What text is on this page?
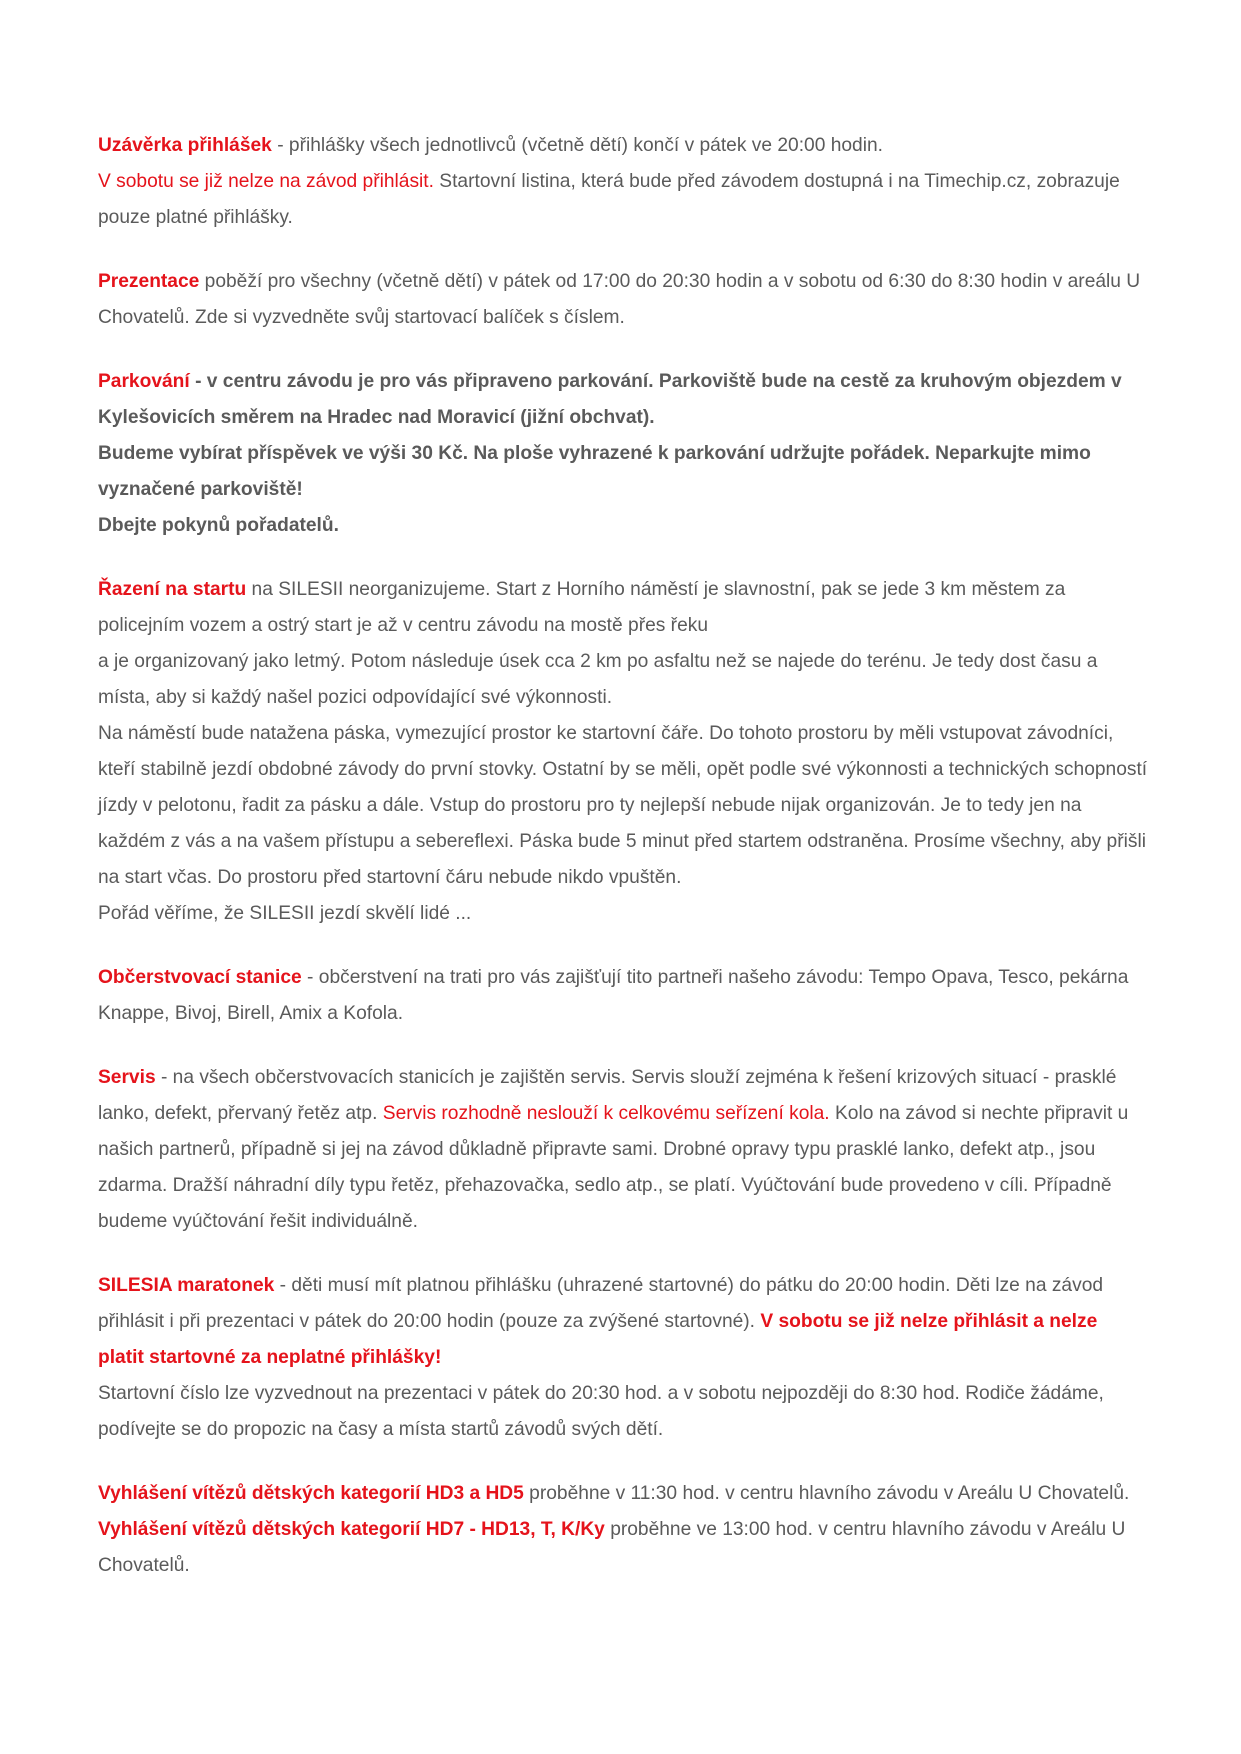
Uzávěrka přihlášek - přihlášky všech jednotlivců (včetně dětí) končí v pátek ve 20:00 hodin.
V sobotu se již nelze na závod přihlásit. Startovní listina, která bude před závodem dostupná i na Timechip.cz, zobrazuje pouze platné přihlášky.

Prezentace poběží pro všechny (včetně dětí) v pátek od 17:00 do 20:30 hodin a v sobotu od 6:30 do 8:30 hodin v areálu U Chovatelů. Zde si vyzvedněte svůj startovací balíček s číslem.

Parkování - v centru závodu je pro vás připraveno parkování. Parkoviště bude na cestě za kruhovým objezdem v Kylešovicích směrem na Hradec nad Moravicí (jižní obchvat).
Budeme vybírat příspěvek ve výši 30 Kč. Na ploše vyhrazené k parkování udržujte pořádek. Neparkujte mimo vyznačené parkoviště!
Dbejte pokynů pořadatelů.

Řazení na startu na SILESII neorganizujeme. Start z Horního náměstí je slavnostní, pak se jede 3 km městem za policejním vozem a ostrý start je až v centru závodu na mostě přes řeku
a je organizovaný jako letmý. Potom následuje úsek cca 2 km po asfaltu než se najede do terénu. Je tedy dost času a místa, aby si každý našel pozici odpovídající své výkonnosti.
Na náměstí bude natažena páska, vymezující prostor ke startovní čáře. Do tohoto prostoru by měli vstupovat závodníci, kteří stabilně jezdí obdobné závody do první stovky. Ostatní by se měli, opět podle své výkonnosti a technických schopností jízdy v pelotonu, řadit za pásku a dále. Vstup do prostoru pro ty nejlepší nebude nijak organizován. Je to tedy jen na každém z vás a na vašem přístupu a sebereflexi. Páska bude 5 minut před startem odstraněna. Prosíme všechny, aby přišli na start včas. Do prostoru před startovní čáru nebude nikdo vpuštěn.
Pořád věříme, že SILESII jezdí skvělí lidé ...

Občerstvovací stanice - občerstvení na trati pro vás zajišťují tito partneři našeho závodu: Tempo Opava, Tesco, pekárna Knappe, Bivoj, Birell, Amix a Kofola.

Servis - na všech občerstvovacích stanicích je zajištěn servis. Servis slouží zejména k řešení krizových situací - prasklé lanko, defekt, přervaný řetěz atp. Servis rozhodně neslouží k celkovému seřízení kola. Kolo na závod si nechte připravit u našich partnerů, případně si jej na závod důkladně připravte sami. Drobné opravy typu prasklé lanko, defekt atp., jsou zdarma. Dražší náhradní díly typu řetěz, přehazovačka, sedlo atp., se platí. Vyúčtování bude provedeno v cíli. Případně budeme vyúčtování řešit individuálně.

SILESIA maratonek - děti musí mít platnou přihlášku (uhrazené startovné) do pátku do 20:00 hodin. Děti lze na závod přihlásit i při prezentaci v pátek do 20:00 hodin (pouze za zvýšené startovné). V sobotu se již nelze přihlásit a nelze platit startovné za neplatné přihlášky!
Startovní číslo lze vyzvednout na prezentaci v pátek do 20:30 hod. a v sobotu nejpozději do 8:30 hod. Rodiče žádáme, podívejte se do propozic na časy a místa startů závodů svých dětí.

Vyhlášení vítězů dětských kategorií HD3 a HD5 proběhne v 11:30 hod. v centru hlavního závodu v Areálu U Chovatelů.
Vyhlášení vítězů dětských kategorií HD7 - HD13, T, K/Ky proběhne ve 13:00 hod. v centru hlavního závodu v Areálu U Chovatelů.
